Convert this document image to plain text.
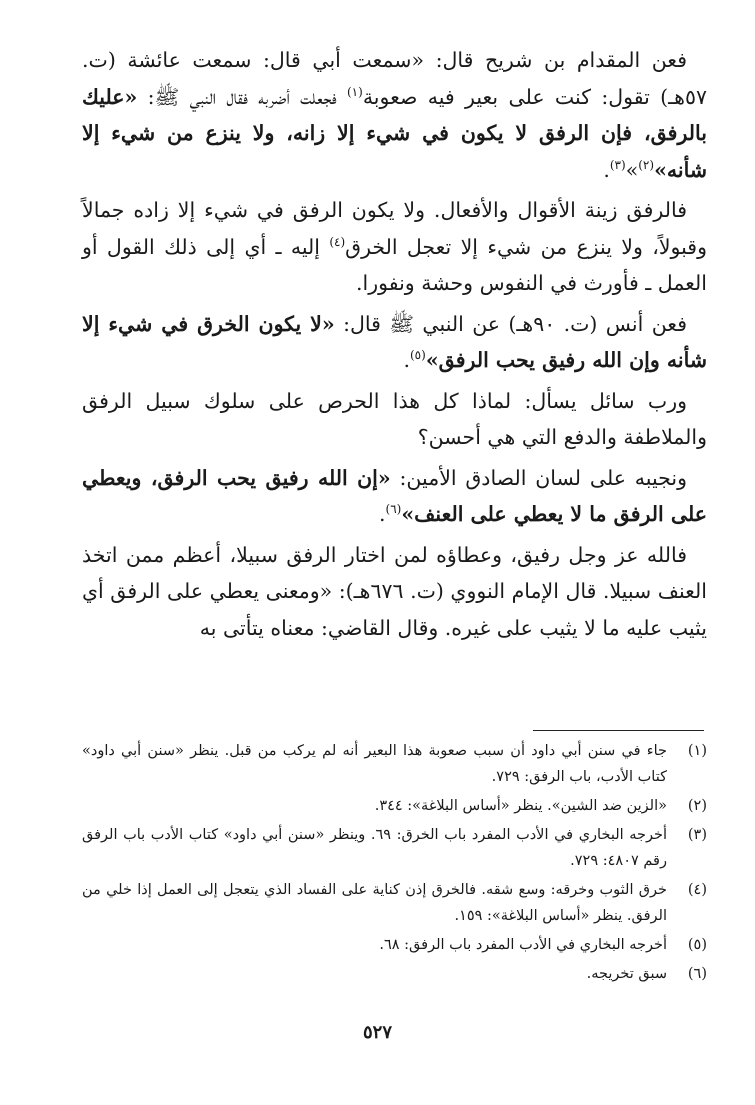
فعن المقدام بن شريح قال: «سمعت أبي قال: سمعت عائشة (ت. ٥٧هـ) تقول: كنت على بعير فيه صعوبة$^{(١)}$ فجعلت أضربه فقال النبي ﷺ: «عليك بالرفق، فإن الرفق لا يكون في شيء إلا زانه، ولا ينزع من شيء إلا شأنه»$^{(٢)}$»$^{(٣)}$.

فالرفق زينة الأقوال والأفعال. ولا يكون الرفق في شيء إلا زاده جمالاً وقبولاً، ولا ينزع من شيء إلا تعجل الخرق$^{(٤)}$ إليه ـ أي إلى ذلك القول أو العمل ـ فأورث في النفوس وحشة ونفورا.

فعن أنس (ت. ٩٠هـ) عن النبي ﷺ قال: «لا يكون الخرق في شيء إلا شأنه وإن الله رفيق يحب الرفق»$^{(٥)}$.

ورب سائل يسأل: لماذا كل هذا الحرص على سلوك سبيل الرفق والملاطفة والدفع التي هي أحسن؟

ونجيبه على لسان الصادق الأمين: «إن الله رفيق يحب الرفق، ويعطي على الرفق ما لا يعطي على العنف»$^{(٦)}$.

فالله عز وجل رفيق، وعطاؤه لمن اختار الرفق سبيلا، أعظم ممن اتخذ العنف سبيلا. قال الإمام النووي (ت. ٦٧٦هـ): «ومعنى يعطي على الرفق أي يثيب عليه ما لا يثيب على غيره. وقال القاضي: معناه يتأتى به

(١)
جاء في سنن أبي داود أن سبب صعوبة هذا البعير أنه لم يركب من قبل. ينظر «سنن أبي داود» كتاب الأدب، باب الرفق: ٧٢٩.
(٢)
«الزين ضد الشين». ينظر «أساس البلاغة»: ٣٤٤.
(٣)
أخرجه البخاري في الأدب المفرد باب الخرق: ٦٩. وينظر «سنن أبي داود» كتاب الأدب باب الرفق رقم ٤٨٠٧: ٧٢٩.
(٤)
خرق الثوب وخرقه: وسع شقه. فالخرق إذن كناية على الفساد الذي يتعجل إلى العمل إذا خلي من الرفق. ينظر «أساس البلاغة»: ١٥٩.
(٥)
أخرجه البخاري في الأدب المفرد باب الرفق: ٦٨.
(٦)
سبق تخريجه.
٥٢٧
